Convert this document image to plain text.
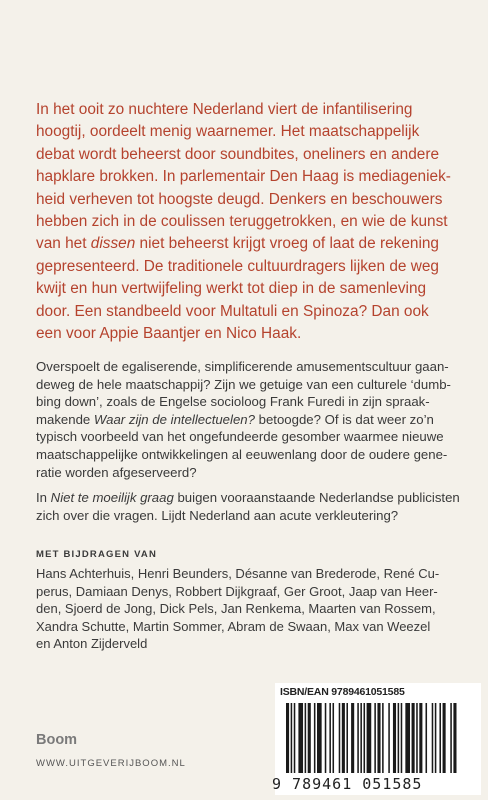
In het ooit zo nuchtere Nederland viert de infantilisering
hoogtij, oordeelt menig waarnemer. Het maatschappelijk
debat wordt beheerst door soundbites, oneliners en andere
hapklare brokken. In parlementair Den Haag is mediageniek-
heid verheven tot hoogste deugd. Denkers en beschouwers
hebben zich in de coulissen teruggetrokken, en wie de kunst
van het dissen niet beheerst krijgt vroeg of laat de rekening
gepresenteerd. De traditionele cultuurdragers lijken de weg
kwijt en hun vertwijfeling werkt tot diep in de samenleving
door. Een standbeeld voor Multatuli en Spinoza? Dan ook
een voor Appie Baantjer en Nico Haak.

Overspoelt de egaliserende, simplificerende amusementscultuur gaan-
deweg de hele maatschappij? Zijn we getuige van een culturele ‘dumb-
bing down’, zoals de Engelse socioloog Frank Furedi in zijn spraak-
makende Waar zijn de intellectuelen? betoogde? Of is dat weer zo’n
typisch voorbeeld van het ongefundeerde gesomber waarmee nieuwe
maatschappelijke ontwikkelingen al eeuwenlang door de oudere gene-
ratie worden afgeserveerd?

In Niet te moeilijk graag buigen vooraanstaande Nederlandse publicisten
zich over die vragen. Lijdt Nederland aan acute verkleutering?

MET BIJDRAGEN VAN
Hans Achterhuis, Henri Beunders, Désanne van Brederode, René Cu-
perus, Damiaan Denys, Robbert Dijkgraaf, Ger Groot, Jaap van Heer-
den, Sjoerd de Jong, Dick Pels, Jan Renkema, Maarten van Rossem,
Xandra Schutte, Martin Sommer, Abram de Swaan, Max van Weezel
en Anton Zijderveld
Boom
WWW.UITGEVERIJBOOM.NL
ISBN/EAN 9789461051585
9 789461 051585
